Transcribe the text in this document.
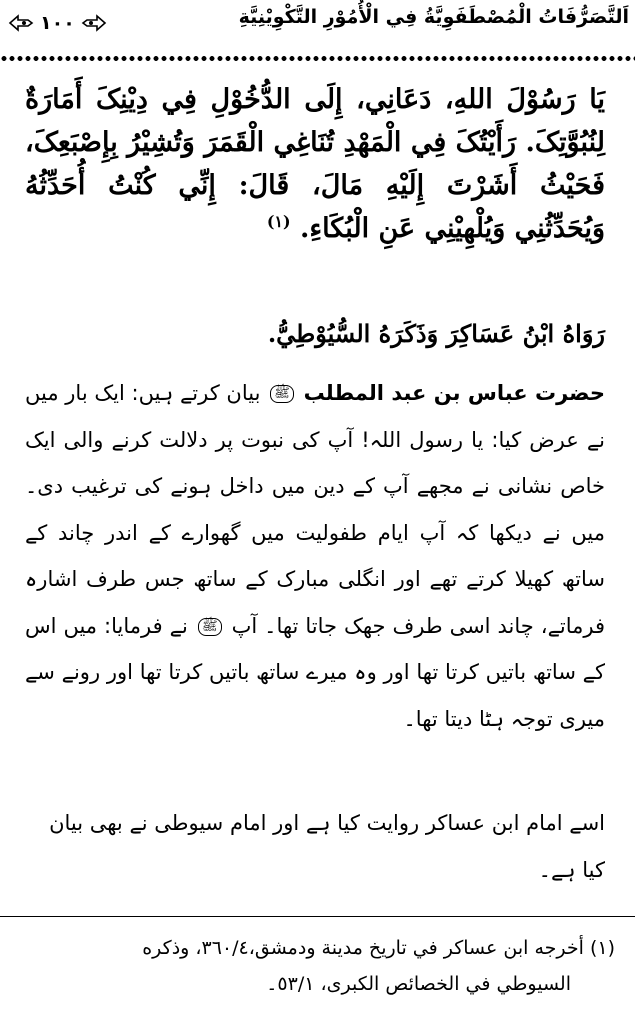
اَلتَّصَرُّفَاتُ الْمُصْطَفَوِيَّةُ فِي الْأُمُوْرِ التَّكْوِيْنِيَّةِ
١٠٠
يَا رَسُوْلَ اللهِ، دَعَانِي، إِلَى الدُّخُوْلِ فِي دِيْنِکَ أَمَارَةٌ لِنُبُوَّتِکَ. رَأَيْتُکَ فِي الْمَهْدِ تُنَاغِي الْقَمَرَ وَتُشِيْرُ بِإِصْبَعِکَ، فَحَيْثُ أَشَرْتَ إِلَيْهِ مَالَ، قَالَ: إِنِّي کُنْتُ أُحَدِّثُهُ وَيُحَدِّثُنِي وَيُلْهِيْنِي عَنِ الْبُکَاءِ. $^{(١)}$
رَوَاهُ ابْنُ عَسَاکِرَ وَذَکَرَهُ السُّيُوْطِيُّ.
حضرت عباس بن عبد المطلب ﷺ بیان کرتے ہیں: ایک بار میں نے عرض کیا: یا رسول اللہ! آپ کی نبوت پر دلالت کرنے والی ایک خاص نشانی نے مجھے آپ کے دین میں داخل ہونے کی ترغیب دی۔ میں نے دیکھا کہ آپ ایام طفولیت میں گھوارے کے اندر چاند کے ساتھ کھیلا کرتے تھے اور انگلی مبارک کے ساتھ جس طرف اشارہ فرماتے، چاند اسی طرف جھک جاتا تھا۔ آپ ﷺ نے فرمایا: میں اس کے ساتھ باتیں کرتا تھا اور وہ میرے ساتھ باتیں کرتا تھا اور رونے سے میری توجہ ہٹا دیتا تھا۔
اسے امام ابن عساکر روایت کیا ہے اور امام سیوطی نے بھی بیان کیا ہے۔
(١) أخرجه ابن عساكر في تاريخ مدينة ودمشق،٣٦٠/٤، وذكره
السيوطي في الخصائص الكبرى، ٥٣/١۔
